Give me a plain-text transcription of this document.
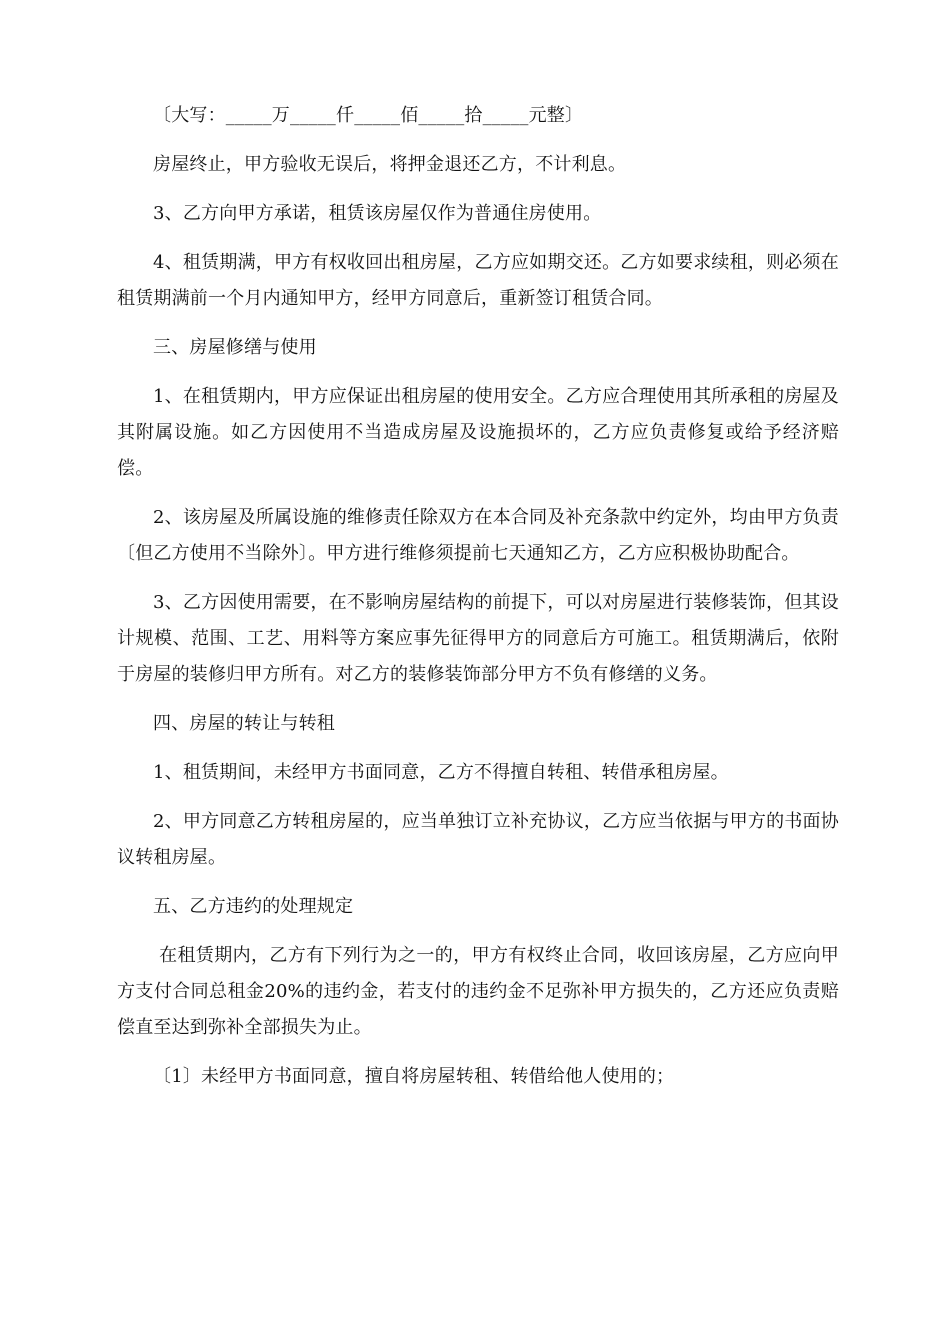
〔大写：_____万_____仟_____佰_____拾_____元整〕

房屋终止，甲方验收无误后，将押金退还乙方，不计利息。

3、乙方向甲方承诺，租赁该房屋仅作为普通住房使用。

4、租赁期满，甲方有权收回出租房屋，乙方应如期交还。乙方如要求续租，则必须在租赁期满前一个月内通知甲方，经甲方同意后，重新签订租赁合同。

三、房屋修缮与使用

1、在租赁期内，甲方应保证出租房屋的使用安全。乙方应合理使用其所承租的房屋及其附属设施。如乙方因使用不当造成房屋及设施损坏的，乙方应负责修复或给予经济赔偿。

2、该房屋及所属设施的维修责任除双方在本合同及补充条款中约定外，均由甲方负责〔但乙方使用不当除外〕。甲方进行维修须提前七天通知乙方，乙方应积极协助配合。

3、乙方因使用需要，在不影响房屋结构的前提下，可以对房屋进行装修装饰，但其设计规模、范围、工艺、用料等方案应事先征得甲方的同意后方可施工。租赁期满后，依附于房屋的装修归甲方所有。对乙方的装修装饰部分甲方不负有修缮的义务。

四、房屋的转让与转租

1、租赁期间，未经甲方书面同意，乙方不得擅自转租、转借承租房屋。

2、甲方同意乙方转租房屋的，应当单独订立补充协议，乙方应当依据与甲方的书面协议转租房屋。

五、乙方违约的处理规定

在租赁期内，乙方有下列行为之一的，甲方有权终止合同，收回该房屋，乙方应向甲方支付合同总租金20%的违约金，若支付的违约金不足弥补甲方损失的，乙方还应负责赔偿直至达到弥补全部损失为止。

〔1〕未经甲方书面同意，擅自将房屋转租、转借给他人使用的；
